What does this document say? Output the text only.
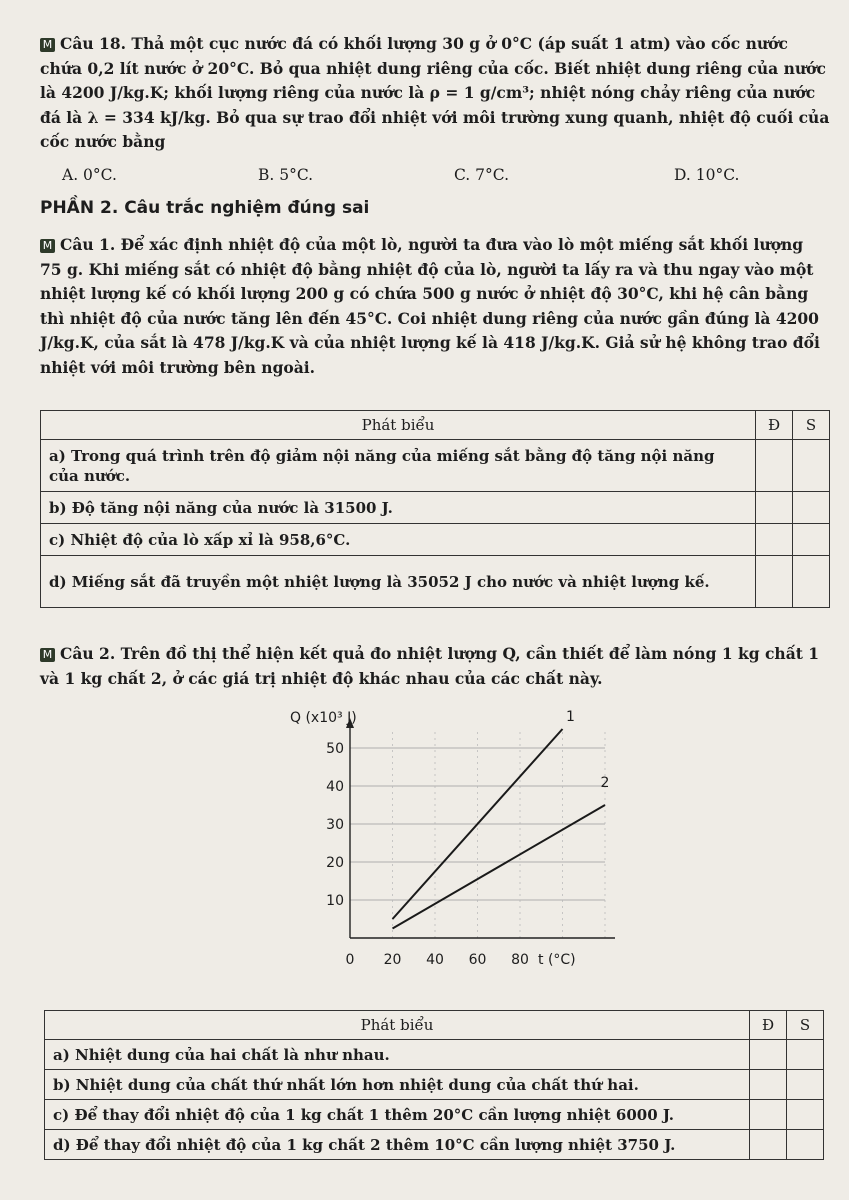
M Câu 18. Thả một cục nước đá có khối lượng 30 g ở 0°C (áp suất 1 atm) vào cốc nước chứa 0,2 lít nước ở 20°C. Bỏ qua nhiệt dung riêng của cốc. Biết nhiệt dung riêng của nước là 4200 J/kg.K; khối lượng riêng của nước là ρ = 1 g/cm³; nhiệt nóng chảy riêng của nước đá là λ = 334 kJ/kg. Bỏ qua sự trao đổi nhiệt với môi trường xung quanh, nhiệt độ cuối của cốc nước bằng
A. 0°C.	B. 5°C.	C. 7°C.	D. 10°C.
PHẦN 2. Câu trắc nghiệm đúng sai
M Câu 1. Để xác định nhiệt độ của một lò, người ta đưa vào lò một miếng sắt khối lượng 75 g. Khi miếng sắt có nhiệt độ bằng nhiệt độ của lò, người ta lấy ra và thu ngay vào một nhiệt lượng kế có khối lượng 200 g có chứa 500 g nước ở nhiệt độ 30°C, khi hệ cân bằng thì nhiệt độ của nước tăng lên đến 45°C. Coi nhiệt dung riêng của nước gần đúng là 4200 J/kg.K, của sắt là 478 J/kg.K và của nhiệt lượng kế là 418 J/kg.K. Giả sử hệ không trao đổi nhiệt với môi trường bên ngoài.
Phát biểu	Đ	S
a) Trong quá trình trên độ giảm nội năng của miếng sắt bằng độ tăng nội năng của nước.		
b) Độ tăng nội năng của nước là 31500 J.		
c) Nhiệt độ của lò xấp xỉ là 958,6°C.		
d) Miếng sắt đã truyền một nhiệt lượng là 35052 J cho nước và nhiệt lượng kế.		
M Câu 2. Trên đồ thị thể hiện kết quả đo nhiệt lượng Q, cần thiết để làm nóng 1 kg chất 1 và 1 kg chất 2, ở các giá trị nhiệt độ khác nhau của các chất này.
10
20
30
40
50
0 20 40 60 80
Q (x10³ J)
t (°C)
1
2
Phát biểu	Đ	S
a) Nhiệt dung của hai chất là như nhau.		
b) Nhiệt dung của chất thứ nhất lớn hơn nhiệt dung của chất thứ hai.		
c) Để thay đổi nhiệt độ của 1 kg chất 1 thêm 20°C cần lượng nhiệt 6000 J.		
d) Để thay đổi nhiệt độ của 1 kg chất 2 thêm 10°C cần lượng nhiệt 3750 J.		
